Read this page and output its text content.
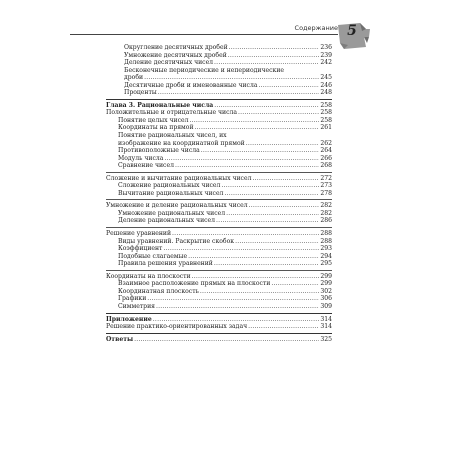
Содержание 5
Округление десятичных дробей .....	236
Умножение десятичных дробей .....	239
Деление десятичных чисел .....	242
Бесконечные периодические и непериодические
дроби .....	245
Десятичные дроби и именованные числа .....	246
Проценты .....	248
Глава 3. Рациональные числа .....	258
Положительные и отрицательные числа .....	258
Понятие целых чисел .....	258
Координаты на прямой .....	261
Понятие рациональных чисел, их
изображение на координатной прямой .....	262
Противоположные числа .....	264
Модуль числа .....	266
Сравнение чисел .....	268
Сложение и вычитание рациональных чисел .....	272
Сложение рациональных чисел .....	273
Вычитание рациональных чисел .....	278
Умножение и деление рациональных чисел .....	282
Умножение рациональных чисел .....	282
Деление рациональных чисел .....	286
Решение уравнений .....	288
Виды уравнений. Раскрытие скобок .....	288
Коэффициент .....	293
Подобные слагаемые .....	294
Правила решения уравнений .....	295
Координаты на плоскости .....	299
Взаимное расположение прямых на плоскости .....	299
Координатная плоскость .....	302
Графики .....	306
Симметрия .....	309
Приложение .....	314
Решение практико-ориентированных задач .....	314
Ответы .....	325
